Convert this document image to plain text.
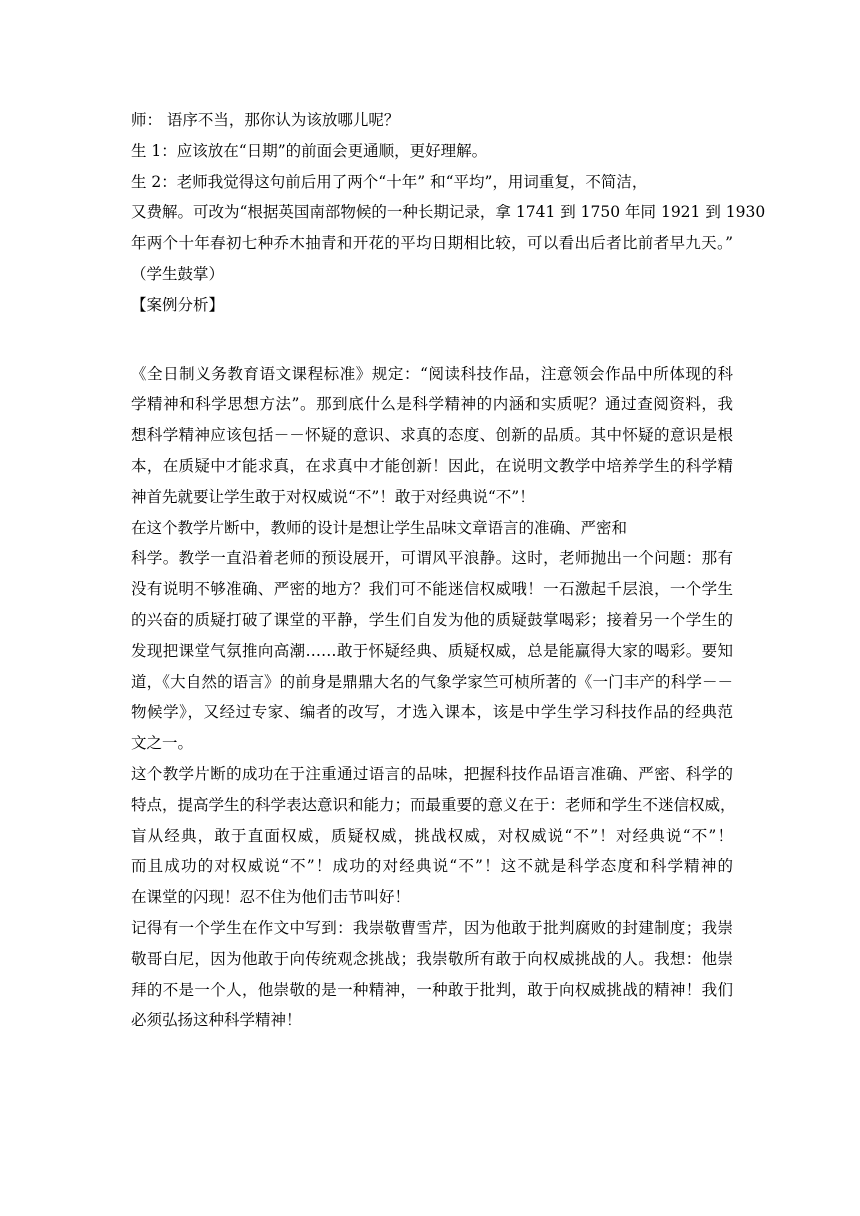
师： 语序不当，那你认为该放哪儿呢？
生 1：应该放在“日期”的前面会更通顺，更好理解。
生 2：老师我觉得这句前后用了两个“十年” 和“平均”，用词重复，不简洁，
又费解。可改为“根据英国南部物候的一种长期记录，拿 1741 到 1750 年同 1921 到 1930
年两个十年春初七种乔木抽青和开花的平均日期相比较，可以看出后者比前者早九天。”
（学生鼓掌）
【案例分析】
《全日制义务教育语文课程标准》规定：“阅读科技作品，注意领会作品中所体现的科
学精神和科学思想方法”。那到底什么是科学精神的内涵和实质呢？通过查阅资料，我
想科学精神应该包括－－怀疑的意识、求真的态度、创新的品质。其中怀疑的意识是根
本，在质疑中才能求真，在求真中才能创新！因此，在说明文教学中培养学生的科学精
神首先就要让学生敢于对权威说“不”！敢于对经典说“不”！
在这个教学片断中，教师的设计是想让学生品味文章语言的准确、严密和
科学。教学一直沿着老师的预设展开，可谓风平浪静。这时，老师抛出一个问题：那有
没有说明不够准确、严密的地方？我们可不能迷信权威哦！一石激起千层浪，一个学生
的兴奋的质疑打破了课堂的平静，学生们自发为他的质疑鼓掌喝彩；接着另一个学生的
发现把课堂气氛推向高潮……敢于怀疑经典、质疑权威，总是能赢得大家的喝彩。要知
道，《大自然的语言》的前身是鼎鼎大名的气象学家竺可桢所著的《一门丰产的科学－－
物候学》，又经过专家、编者的改写，才选入课本，该是中学生学习科技作品的经典范
文之一。
这个教学片断的成功在于注重通过语言的品味，把握科技作品语言准确、严密、科学的
特点，提高学生的科学表达意识和能力；而最重要的意义在于：老师和学生不迷信权威，
盲从经典，敢于直面权威，质疑权威，挑战权威，对权威说“不”！对经典说“不”！
而且成功的对权威说“不”！成功的对经典说“不”！这不就是科学态度和科学精神的
在课堂的闪现！忍不住为他们击节叫好！
记得有一个学生在作文中写到：我崇敬曹雪芹，因为他敢于批判腐败的封建制度；我崇
敬哥白尼，因为他敢于向传统观念挑战；我崇敬所有敢于向权威挑战的人。我想：他崇
拜的不是一个人，他崇敬的是一种精神，一种敢于批判，敢于向权威挑战的精神！我们
必须弘扬这种科学精神！
